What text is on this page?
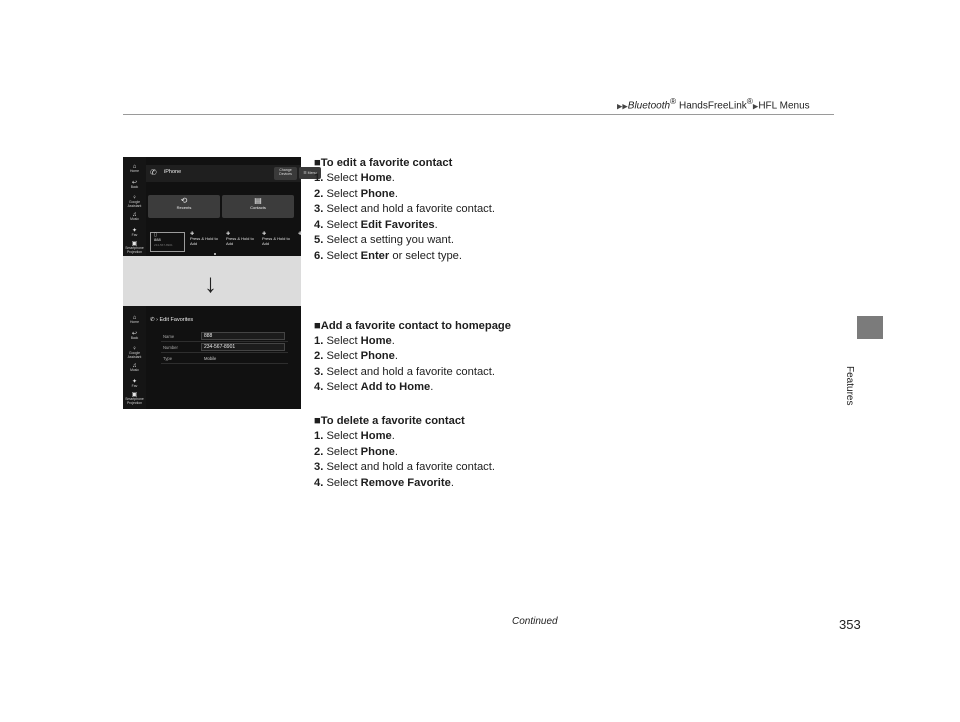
▶▶Bluetooth® HandsFreeLink®▶HFL Menus
Features
⌂
Home
↩
Back
♀
Google Assistant
♫
Music
✦
Fav
▣
Smartphone Projection
✆ iPhone	Change Devices	☰ Menu
⟲
Recents
▤
Contacts
▯
888
234-567-8901
✚
Press & Hold to Add
✚
Press & Hold to Add
✚
Press & Hold to Add
✚
↓
⌂
Home
↩
Back
♀
Google Assistant
♫
Music
✦
Fav
▣
Smartphone Projection
✆ › Edit Favorites
Name	888
Number	234-567-8901
Type	Mobile
■To edit a favorite contact
1. Select Home.
2. Select Phone.
3. Select and hold a favorite contact.
4. Select Edit Favorites.
5. Select a setting you want.
6. Select Enter or select type.
■Add a favorite contact to homepage
1. Select Home.
2. Select Phone.
3. Select and hold a favorite contact.
4. Select Add to Home.
■To delete a favorite contact
1. Select Home.
2. Select Phone.
3. Select and hold a favorite contact.
4. Select Remove Favorite.
Continued	353
